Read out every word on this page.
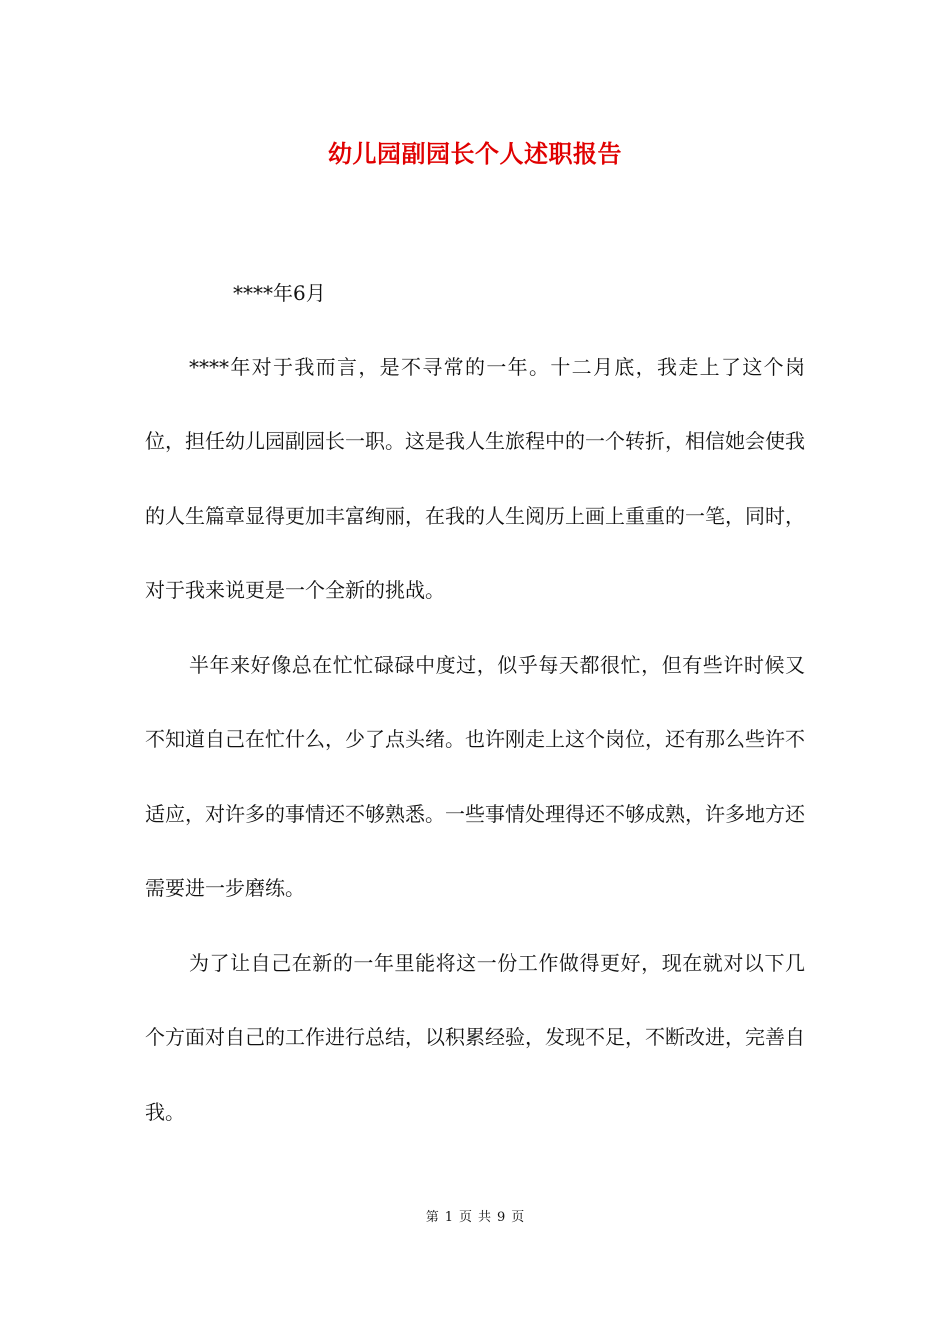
幼儿园副园长个人述职报告
****年6月

****年对于我而言，是不寻常的一年。十二月底，我走上了这个岗位，担任幼儿园副园长一职。这是我人生旅程中的一个转折，相信她会使我的人生篇章显得更加丰富绚丽，在我的人生阅历上画上重重的一笔，同时，对于我来说更是一个全新的挑战。

半年来好像总在忙忙碌碌中度过，似乎每天都很忙，但有些许时候又不知道自己在忙什么，少了点头绪。也许刚走上这个岗位，还有那么些许不适应，对许多的事情还不够熟悉。一些事情处理得还不够成熟，许多地方还需要进一步磨练。

为了让自己在新的一年里能将这一份工作做得更好，现在就对以下几个方面对自己的工作进行总结，以积累经验，发现不足，不断改进，完善自我。

第 1 页 共 9 页
